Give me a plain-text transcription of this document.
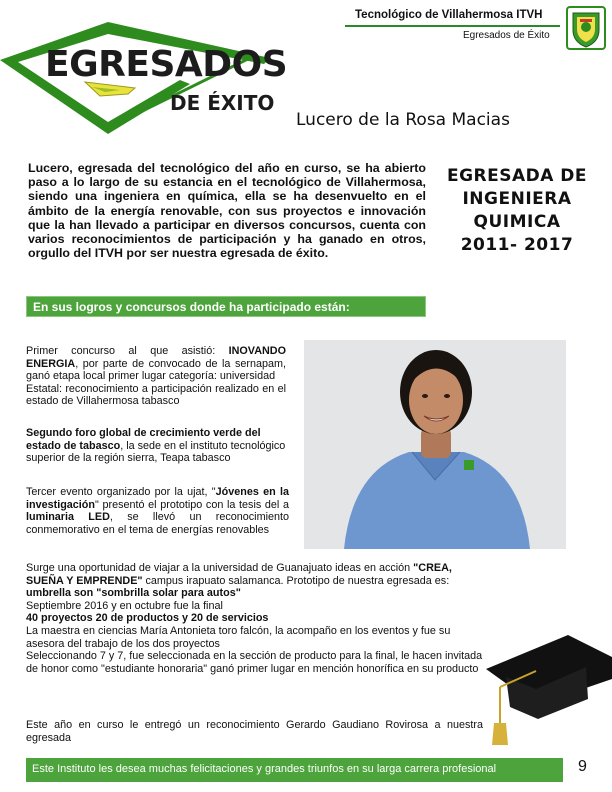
Tecnológico de Villahermosa ITVH
Egresados de Éxito
EGRESADOS
DE ÉXITO
Lucero de la Rosa Macias
Lucero, egresada del tecnológico del año en curso, se ha abierto paso a lo largo de su estancia en el tecnológico de Villahermosa, siendo una ingeniera en química, ella se ha desenvuelto en el ámbito de la energía renovable, con sus proyectos e innovación que la han llevado a participar en diversos concursos, cuenta con varios reconocimientos de participación y ha ganado en otros, orgullo del ITVH por ser nuestra egresada de éxito.
EGRESADA DE
INGENIERA
QUIMICA
2011- 2017
En sus logros y concursos donde ha participado están:
Primer concurso al que asistió: INOVANDO ENERGIA, por parte de convocado de la sernapam, ganó etapa local primer lugar categoría: universidad
Estatal: reconocimiento a participación realizado en el estado de Villahermosa tabasco
Segundo foro global de crecimiento verde del estado de tabasco, la sede en el instituto tecnológico superior de la región sierra, Teapa tabasco
Tercer evento organizado por la ujat, "Jóvenes en la investigación" presentó el prototipo con la tesis del a luminaria LED, se llevó un reconocimiento conmemorativo en el tema de energías renovables
Surge una oportunidad de viajar a la universidad de Guanajuato ideas en acción "CREA, SUEÑA Y EMPRENDE" campus irapuato salamanca. Prototipo de nuestra egresada es: umbrella son "sombrilla solar para autos"
Septiembre 2016 y en octubre fue la final
40 proyectos 20 de productos y 20 de servicios
La maestra en ciencias María Antonieta toro falcón, la acompaño en los eventos y fue su asesora del trabajo de los dos proyectos
Seleccionando 7 y 7, fue seleccionada en la sección de producto para la final, le hacen invitada de honor como "estudiante honoraria" ganó primer lugar en mención honorífica en su producto
Este año en curso le entregó un reconocimiento Gerardo Gaudiano Rovirosa a nuestra egresada
Este Instituto les desea muchas felicitaciones y grandes triunfos en su larga carrera profesional	9
